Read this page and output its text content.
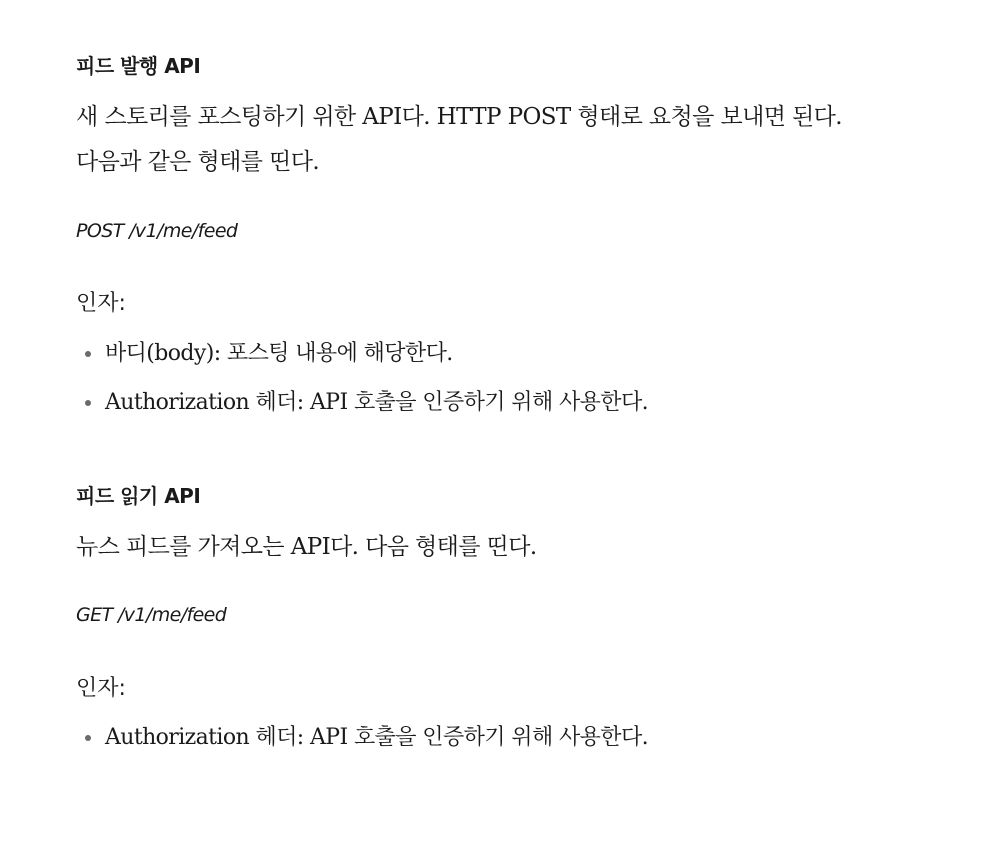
피드 발행 API
새 스토리를 포스팅하기 위한 API다. HTTP POST 형태로 요청을 보내면 된다.
다음과 같은 형태를 띤다.
POST /v1/me/feed
인자:
바디(body): 포스팅 내용에 해당한다.
Authorization 헤더: API 호출을 인증하기 위해 사용한다.
피드 읽기 API
뉴스 피드를 가져오는 API다. 다음 형태를 띤다.
GET /v1/me/feed
인자:
Authorization 헤더: API 호출을 인증하기 위해 사용한다.
